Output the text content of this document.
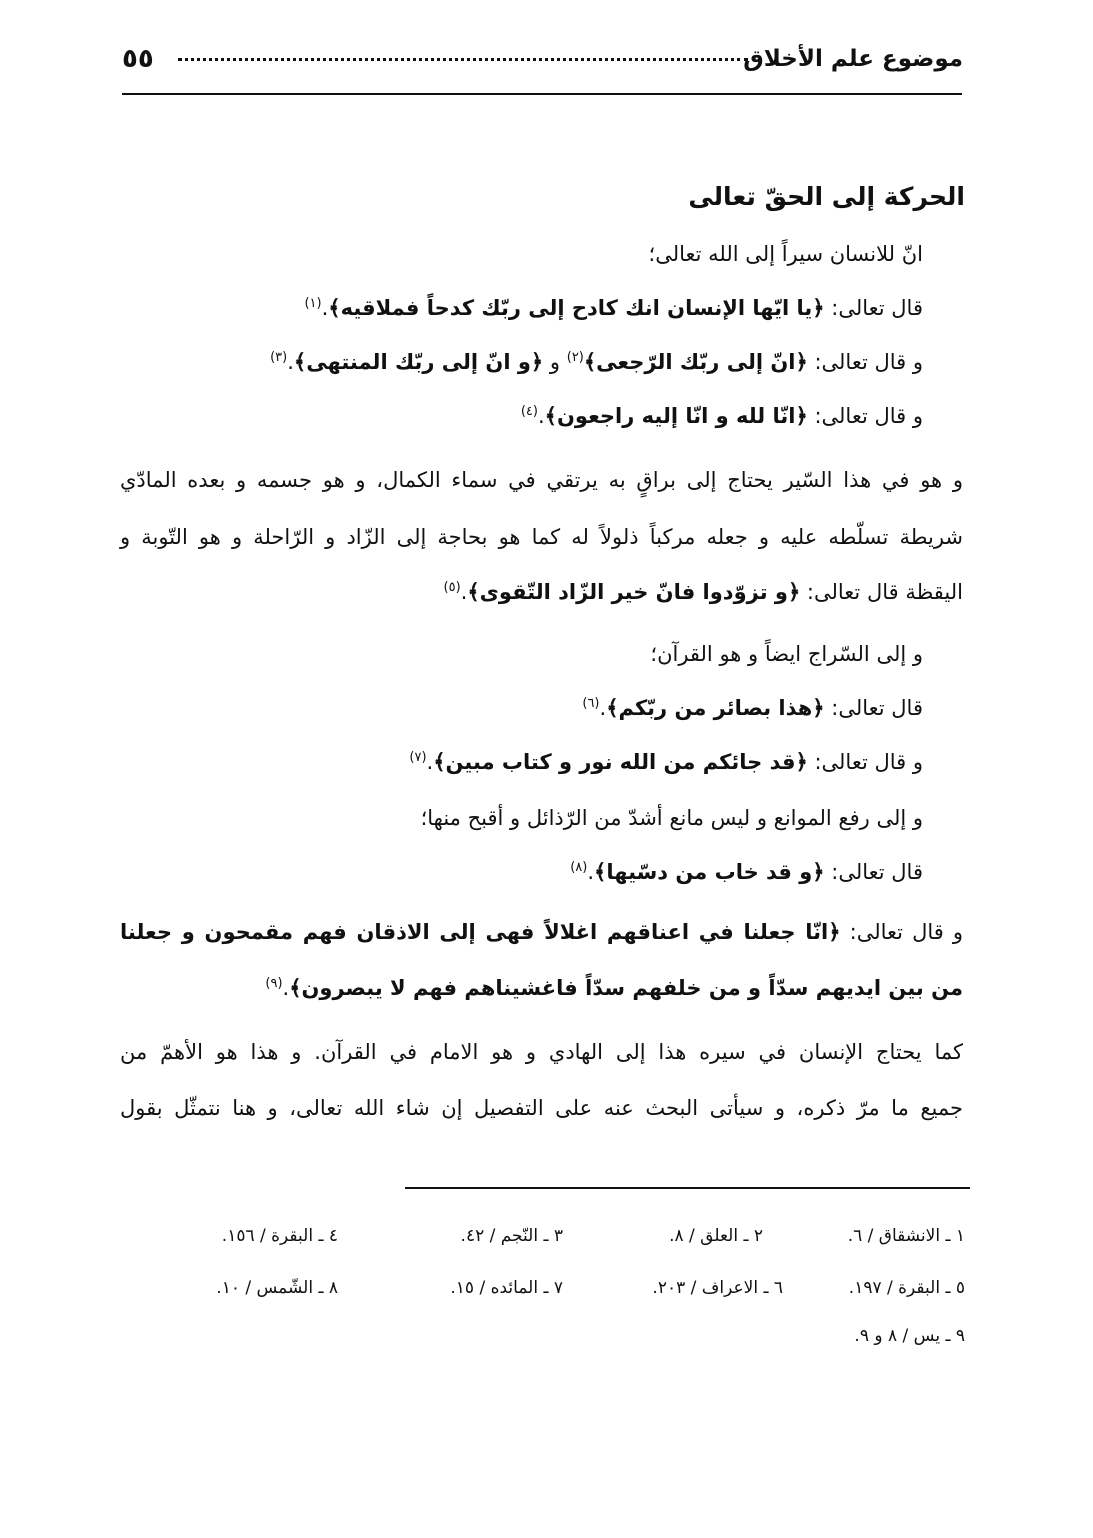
موضوع علم الأخلاق
٥٥
الحركة إلى الحقّ تعالى
انّ للانسان سيراً إلى الله تعالى؛
قال تعالى: ﴿يا ايّها الإنسان انك كادح إلى ربّك كدحاً فملاقيه﴾.$^{(١)}$
و قال تعالى: ﴿انّ إلى ربّك الرّجعى﴾$^{(٢)}$ و ﴿و انّ إلى ربّك المنتهى﴾.$^{(٣)}$
و قال تعالى: ﴿انّا لله و انّا إليه راجعون﴾.$^{(٤)}$
و هو في هذا السّير يحتاج إلى براقٍ به يرتقي في سماء الكمال، و هو جسمه و بعده المادّي
شريطة تسلّطه عليه و جعله مركباً ذلولاً له كما هو بحاجة إلى الزّاد و الرّاحلة و هو التّوبة و
اليقظة قال تعالى: ﴿و تزوّدوا فانّ خير الزّاد التّقوى﴾.$^{(٥)}$
و إلى السّراج ايضاً و هو القرآن؛
قال تعالى: ﴿هذا بصائر من ربّكم﴾.$^{(٦)}$
و قال تعالى: ﴿قد جائكم من الله نور و كتاب مبين﴾.$^{(٧)}$
و إلى رفع الموانع و ليس مانع أشدّ من الرّذائل و أقبح منها؛
قال تعالى: ﴿و قد خاب من دسّيها﴾.$^{(٨)}$
و قال تعالى: ﴿انّا جعلنا في اعناقهم اغلالاً فهى إلى الاذقان فهم مقمحون و جعلنا
من بين ايديهم سدّاً و من خلفهم سدّاً فاغشيناهم فهم لا يبصرون﴾.$^{(٩)}$
كما يحتاج الإنسان في سيره هذا إلى الهادي و هو الامام في القرآن. و هذا هو الأهمّ من
جميع ما مرّ ذكره، و سيأتى البحث عنه على التفصيل إن شاء الله تعالى، و هنا نتمثّل بقول
١ ـ الانشقاق / ٦.
٢ ـ العلق / ٨.
٣ ـ النّجم / ٤٢.
٤ ـ البقرة / ١٥٦.
٥ ـ البقرة / ١٩٧.
٦ ـ الاعراف / ٢٠٣.
٧ ـ المائده / ١٥.
٨ ـ الشّمس / ١٠.
٩ ـ يس / ٨ و ٩.
